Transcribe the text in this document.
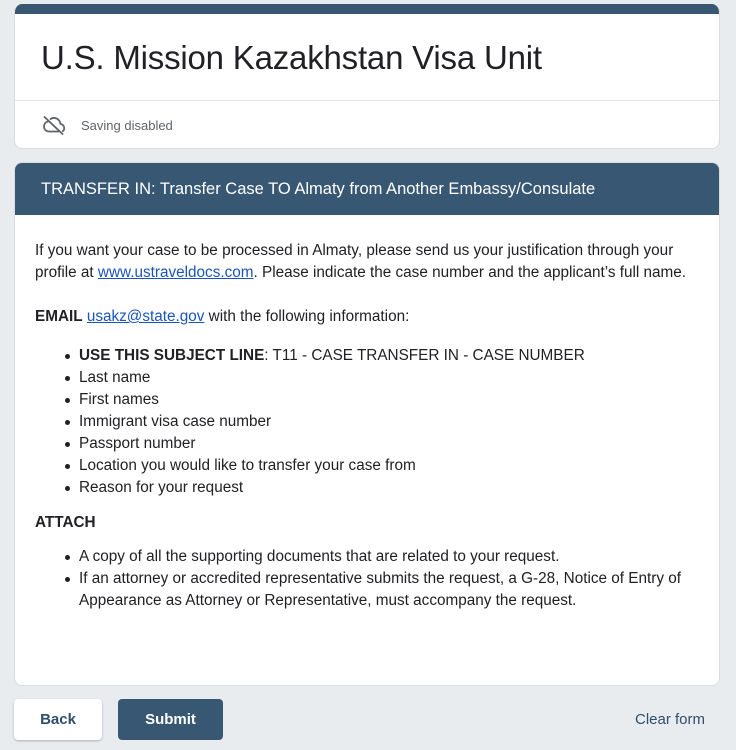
U.S. Mission Kazakhstan Visa Unit
Saving disabled
TRANSFER IN: Transfer Case TO Almaty from Another Embassy/Consulate

If you want your case to be processed in Almaty, please send us your justification through your profile at www.ustraveldocs.com. Please indicate the case number and the applicant’s full name.

EMAIL usakz@state.gov with the following information:

USE THIS SUBJECT LINE: T11 - CASE TRANSFER IN - CASE NUMBER
Last name
First names
Immigrant visa case number
Passport number
Location you would like to transfer your case from
Reason for your request
ATTACH
A copy of all the supporting documents that are related to your request.
If an attorney or accredited representative submits the request, a G-28, Notice of Entry of Appearance as Attorney or Representative, must accompany the request.
Back	Submit	Clear form
